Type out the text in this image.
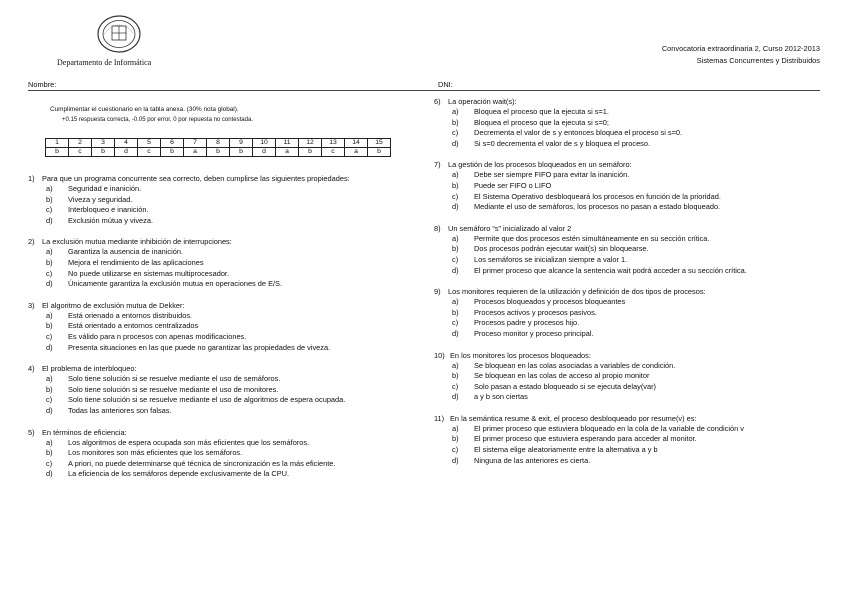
Departamento de Informática
Convocatoria extraordinaria 2, Curso 2012-2013
Sistemas Concurrentes y Distribuidos
Nombre:	DNI:
Cumplimentar el cuestionario en la tabla anexa. (30% nota global).
+0.15 respuesta correcta, -0.05 por error, 0 por repuesta no contestada.
1	2	3	4	5	6	7	8	9	10	11	12	13	14	15
b	c	b	d	c	b	a	b	b	d	a	b	c	a	b
1)	Para que un programa concurrente sea correcto, deben cumplirse las siguientes propiedades:
a)	Seguridad e inanición.
b)	Viveza y seguridad.
c)	Interbloqueo e inanición.
d)	Exclusión mútua y viveza.
2)	La exclusión mutua mediante inhibición de interrupciones:
a)	Garantiza la ausencia de inanición.
b)	Mejora el rendimiento de las aplicaciones
c)	No puede utilizarse en sistemas multiprocesador.
d)	Únicamente garantiza la exclusión mutua en operaciones de E/S.
3)	El algoritmo de exclusión mutua de Dekker:
a)	Está orienado a entornos distribuidos.
b)	Está orientado a entornos centralizados
c)	Es válido para n procesos con apenas modificaciones.
d)	Presenta situaciones en las que puede no garantizar las propiedades de viveza.
4)	El problema de interbloqueo:
a)	Solo tiene solución si se resuelve mediante el uso de semáforos.
b)	Solo tiene solución si se resuelve mediante el uso de monitores.
c)	Solo tiene solución si se resuelve mediante el uso de algoritmos de espera ocupada.
d)	Todas las anteriores son falsas.
5)	En términos de eficiencia:
a)	Los algoritmos de espera ocupada son más eficientes que los semáforos.
b)	Los monitores son más eficientes que los semáforos.
c)	A priori, no puede determinarse qué técnica de sincronización es la más eficiente.
d)	La eficiencia de los semáforos depende exclusivamente de la CPU.
6)	La operación wait(s):
a)	Bloquea el proceso que la ejecuta si s=1.
b)	Bloquea el proceso que la ejecuta si s=0;
c)	Decrementa el valor de s y entonces bloquea el proceso si s=0.
d)	Si s=0 decrementa el valor de s y bloquea el proceso.
7)	La gestión de los procesos bloqueados en un semáforo:
a)	Debe ser siempre FIFO para evitar la inanición.
b)	Puede ser FIFO o LIFO
c)	El Sistema Operativo desbloqueará los procesos en función de la prioridad.
d)	Mediante el uso de semáforos, los procesos no pasan a estado bloqueado.
8)	Un semáforo “s” inicializado al valor 2
a)	Permite que dos procesos estén simultáneamente en su sección crítica.
b)	Dos procesos podrán ejecutar wait(s) sin bloquearse.
c)	Los semáforos se inicializan siempre a valor 1.
d)	El primer proceso que alcance la sentencia wait podrá acceder a su sección crítica.
9)	Los monitores requieren de la utilización y definición de dos tipos de procesos:
a)	Procesos bloqueados y procesos bloqueantes
b)	Procesos activos y procesos pasivos.
c)	Procesos padre y procesos hijo.
d)	Proceso monitor y proceso principal.
10) En los monitores los procesos bloqueados:
a)	Se bloquean en las colas asociadas a variables de condición.
b)	Se bloquean en las colas de acceso al propio monitor
c)	Solo pasan a estado bloqueado si se ejecuta delay(var)
d)	a y b son ciertas
11) En la semántica resume & exit, el proceso desbloqueado por resume(v) es:
a)	El primer proceso que estuviera bloqueado en la cola de la variable de condición v
b)	El primer proceso que estuviera esperando para acceder al monitor.
c)	El sistema elige aleatoriamente entre la alternativa a y b
d)	Ninguna de las anteriores es cierta.
